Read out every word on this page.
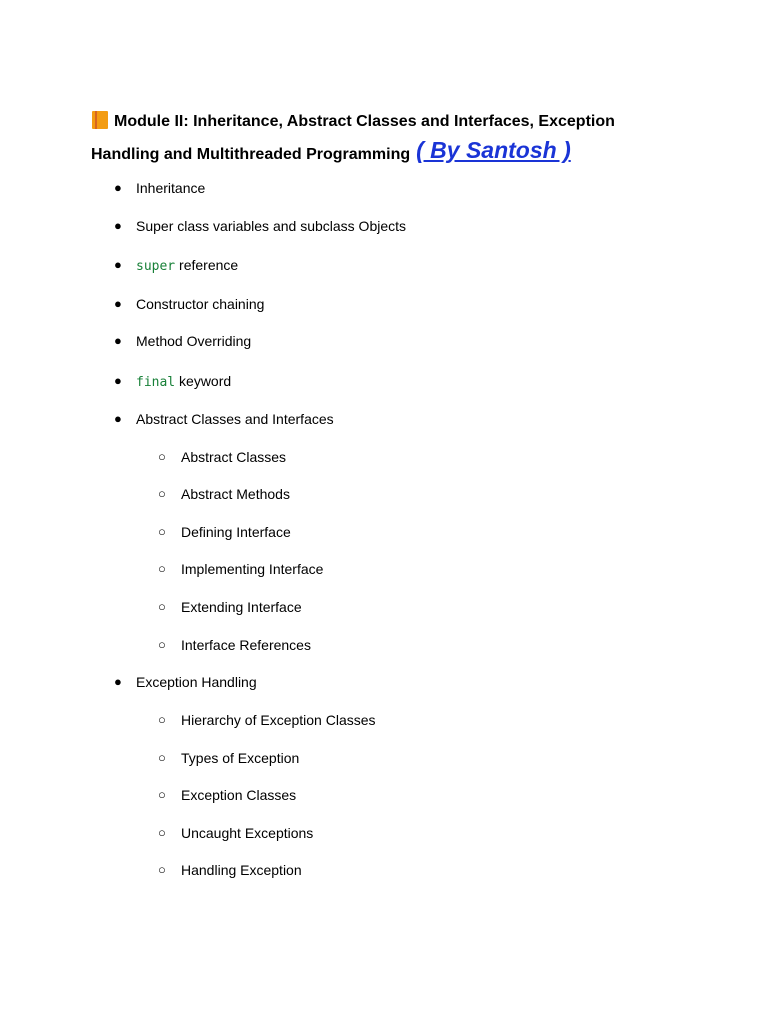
Module II: Inheritance, Abstract Classes and Interfaces, Exception
Handling and Multithreaded Programming ( By Santosh )
● Inheritance
● Super class variables and subclass Objects
● super reference
● Constructor chaining
● Method Overriding
● final keyword
● Abstract Classes and Interfaces
○ Abstract Classes
○ Abstract Methods
○ Defining Interface
○ Implementing Interface
○ Extending Interface
○ Interface References
● Exception Handling
○ Hierarchy of Exception Classes
○ Types of Exception
○ Exception Classes
○ Uncaught Exceptions
○ Handling Exception
